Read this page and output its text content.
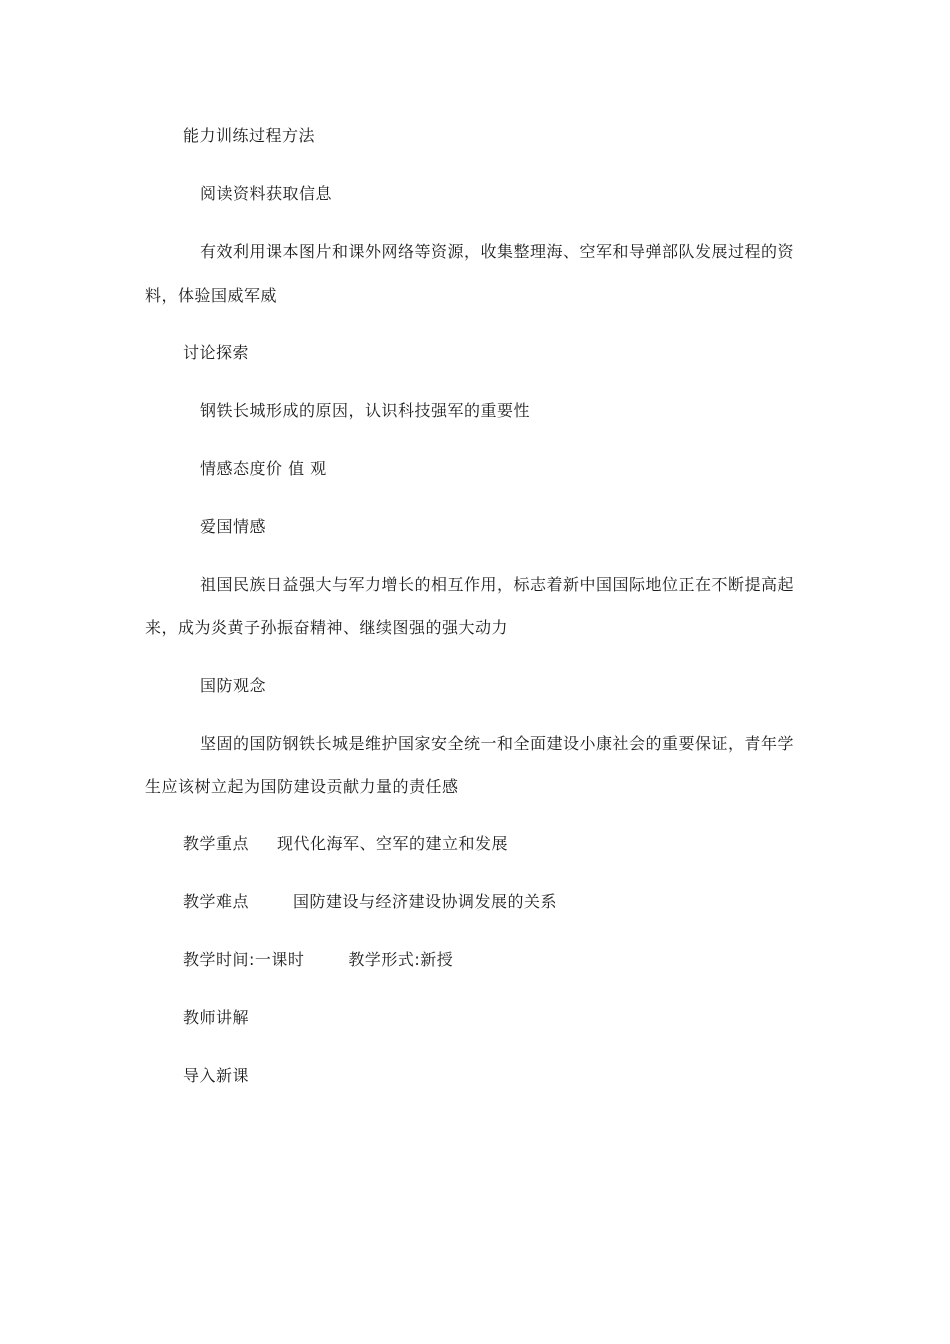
能力训练过程方法
阅读资料获取信息
有效利用课本图片和课外网络等资源，收集整理海、空军和导弹部队发展过程的资
料，体验国威军威
讨论探索
钢铁长城形成的原因，认识科技强军的重要性
情感态度价 值 观
爱国情感
祖国民族日益强大与军力增长的相互作用，标志着新中国国际地位正在不断提高起
来，成为炎黄子孙振奋精神、继续图强的强大动力
国防观念
坚固的国防钢铁长城是维护国家安全统一和全面建设小康社会的重要保证，青年学
生应该树立起为国防建设贡献力量的责任感
教学重点 现代化海军、空军的建立和发展
教学难点	国防建设与经济建设协调发展的关系
教学时间:一课时	教学形式:新授
教师讲解
导入新课
